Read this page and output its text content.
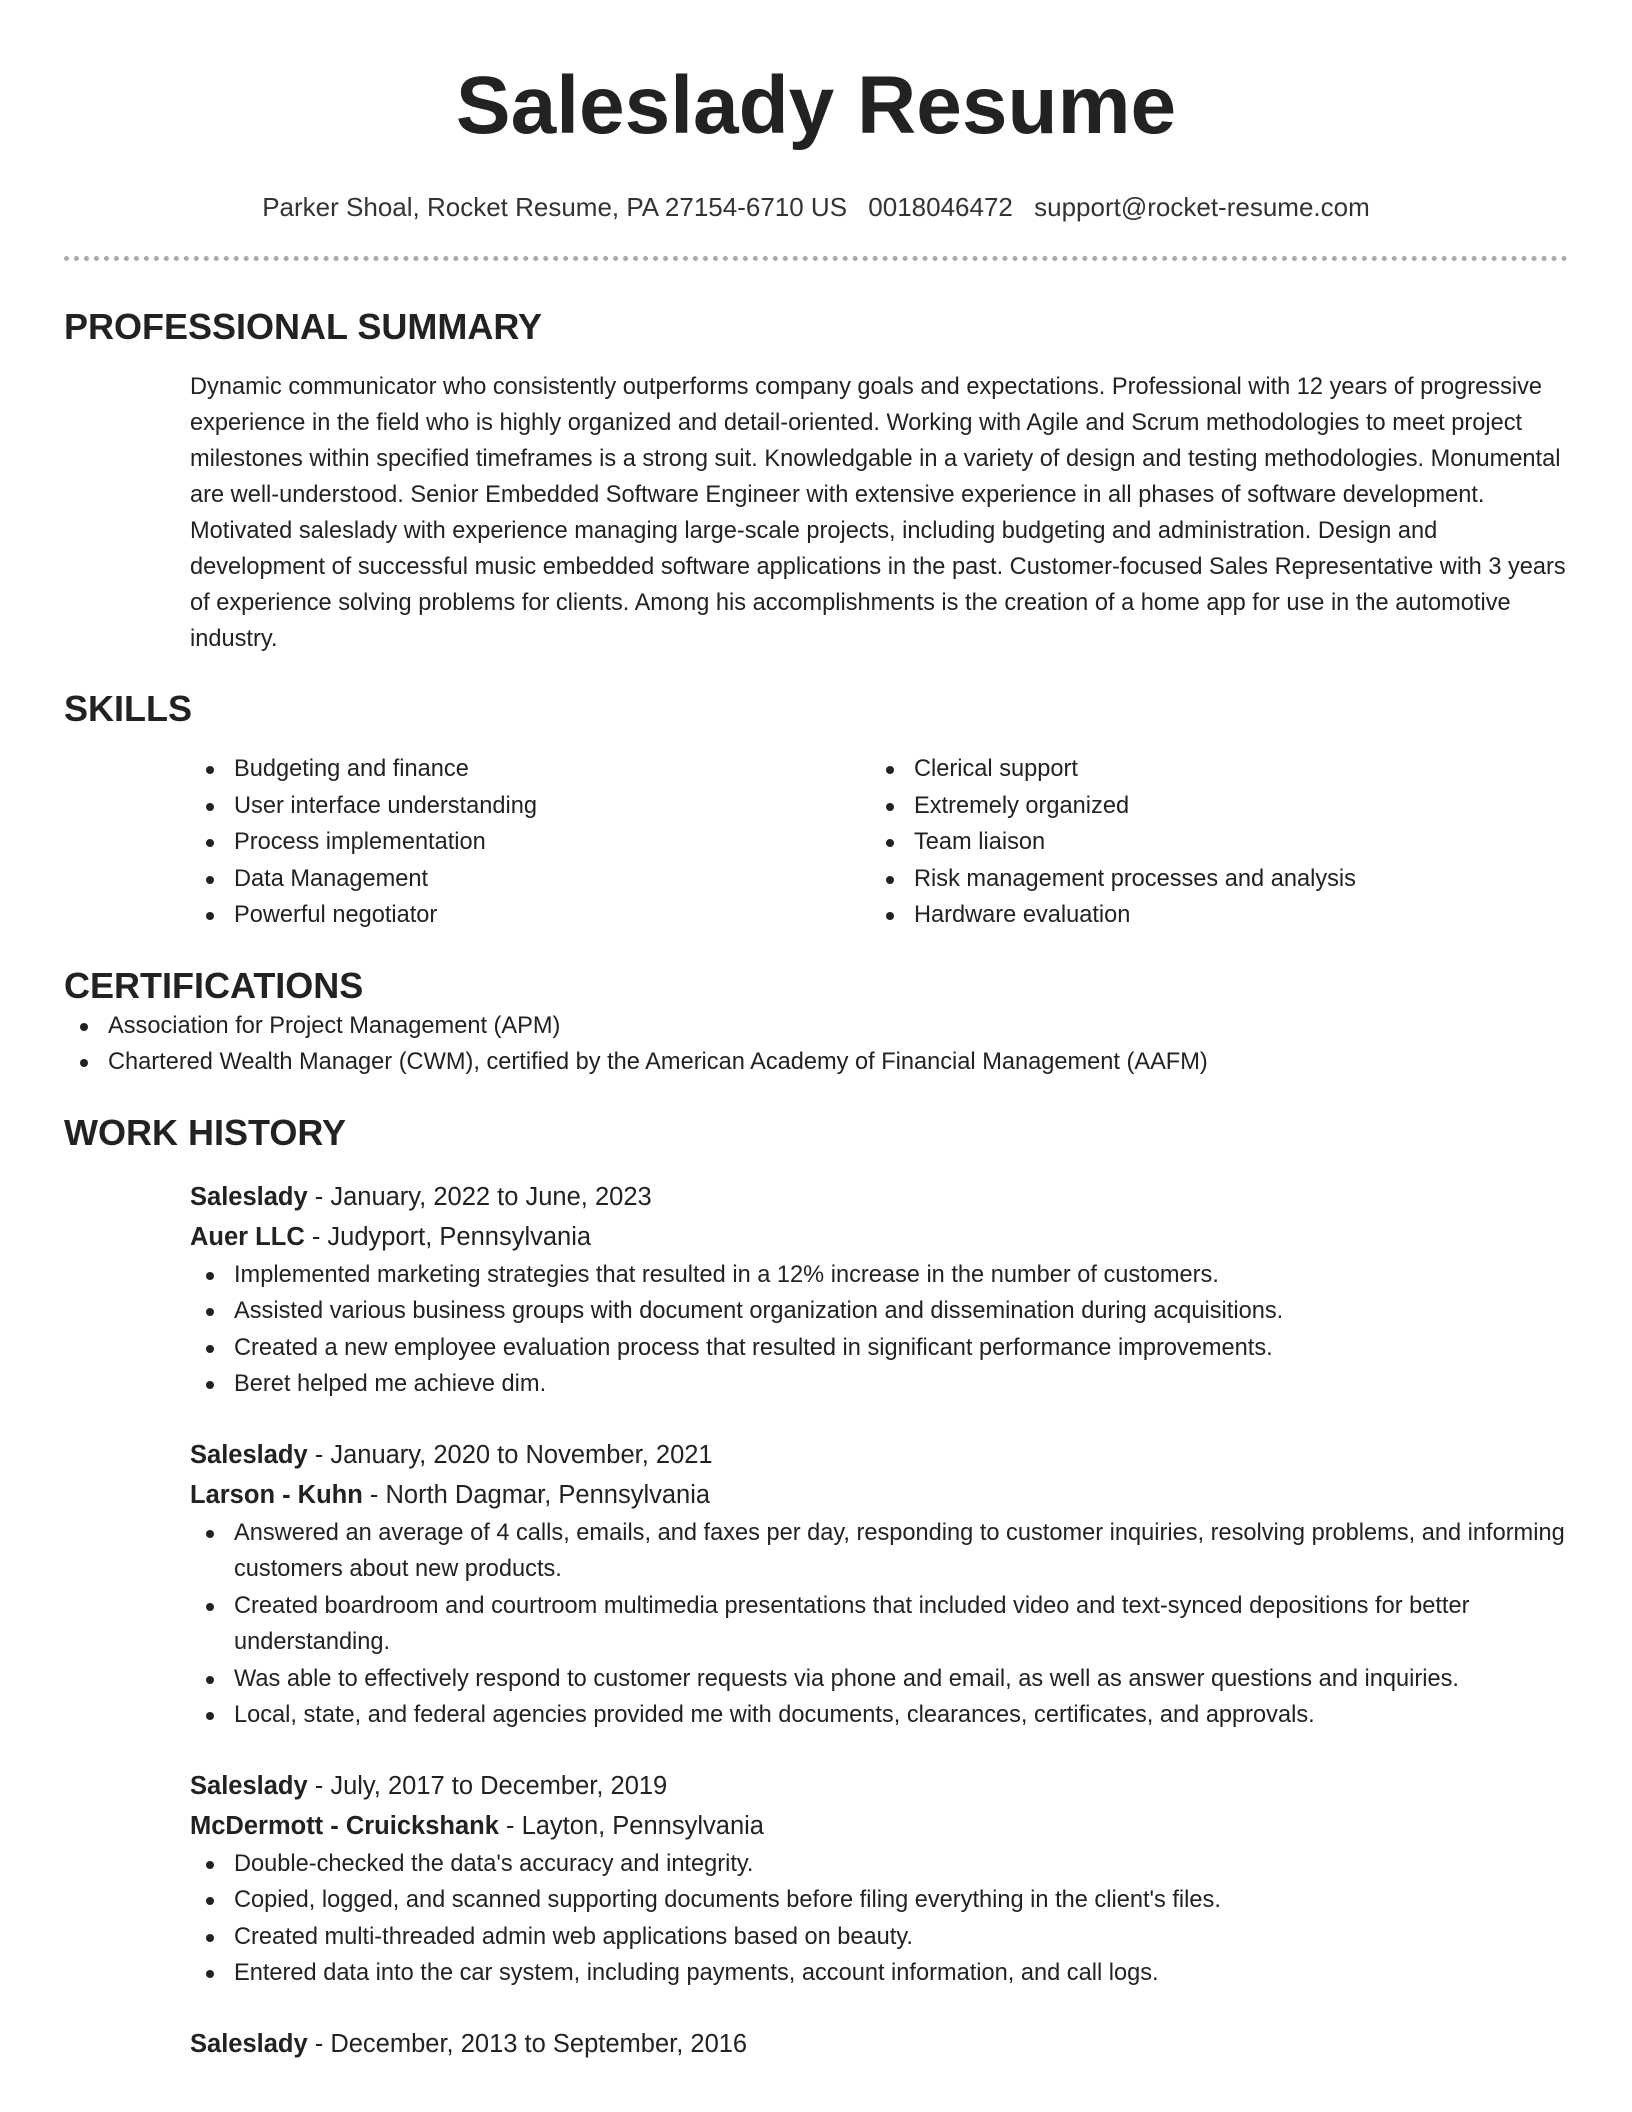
Saleslady Resume
Parker Shoal, Rocket Resume, PA 27154-6710 US 0018046472 support@rocket-resume.com
PROFESSIONAL SUMMARY

Dynamic communicator who consistently outperforms company goals and expectations. Professional with 12 years of progressive experience in the field who is highly organized and detail-oriented. Working with Agile and Scrum methodologies to meet project milestones within specified timeframes is a strong suit. Knowledgable in a variety of design and testing methodologies. Monumental are well-understood. Senior Embedded Software Engineer with extensive experience in all phases of software development. Motivated saleslady with experience managing large-scale projects, including budgeting and administration. Design and development of successful music embedded software applications in the past. Customer-focused Sales Representative with 3 years of experience solving problems for clients. Among his accomplishments is the creation of a home app for use in the automotive industry.

SKILLS
Budgeting and finance
User interface understanding
Process implementation
Data Management
Powerful negotiator
Clerical support
Extremely organized
Team liaison
Risk management processes and analysis
Hardware evaluation
CERTIFICATIONS
Association for Project Management (APM)
Chartered Wealth Manager (CWM), certified by the American Academy of Financial Management (AAFM)
WORK HISTORY
Saleslady - January, 2022 to June, 2023
Auer LLC - Judyport, Pennsylvania
Implemented marketing strategies that resulted in a 12% increase in the number of customers.
Assisted various business groups with document organization and dissemination during acquisitions.
Created a new employee evaluation process that resulted in significant performance improvements.
Beret helped me achieve dim.
Saleslady - January, 2020 to November, 2021
Larson - Kuhn - North Dagmar, Pennsylvania
Answered an average of 4 calls, emails, and faxes per day, responding to customer inquiries, resolving problems, and informing customers about new products.
Created boardroom and courtroom multimedia presentations that included video and text-synced depositions for better understanding.
Was able to effectively respond to customer requests via phone and email, as well as answer questions and inquiries.
Local, state, and federal agencies provided me with documents, clearances, certificates, and approvals.
Saleslady - July, 2017 to December, 2019
McDermott - Cruickshank - Layton, Pennsylvania
Double-checked the data's accuracy and integrity.
Copied, logged, and scanned supporting documents before filing everything in the client's files.
Created multi-threaded admin web applications based on beauty.
Entered data into the car system, including payments, account information, and call logs.
Saleslady - December, 2013 to September, 2016
